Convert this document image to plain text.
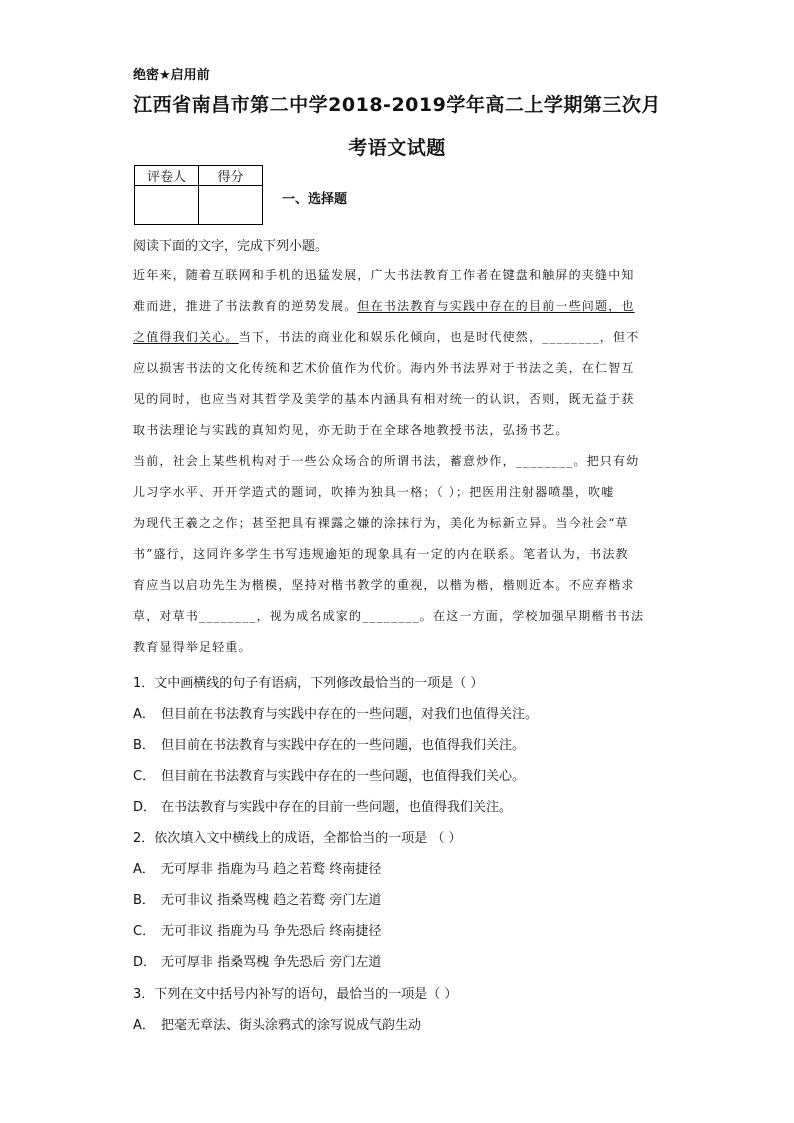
绝密★启用前
江西省南昌市第二中学2018-2019学年高二上学期第三次月
考语文试题
评卷人	得分

一、选择题
阅读下面的文字，完成下列小题。
近年来，随着互联网和手机的迅猛发展，广大书法教育工作者在键盘和触屏的夹缝中知
难而进，推进了书法教育的逆势发展。但在书法教育与实践中存在的目前一些问题，也
之值得我们关心。当下，书法的商业化和娱乐化倾向，也是时代使然，________，但不
应以损害书法的文化传统和艺术价值作为代价。海内外书法界对于书法之美，在仁智互
见的同时，也应当对其哲学及美学的基本内涵具有相对统一的认识，否则，既无益于获
取书法理论与实践的真知灼见，亦无助于在全球各地教授书法，弘扬书艺。
当前，社会上某些机构对于一些公众场合的所谓书法，蓄意炒作，________。把只有幼
儿习字水平、开开学造式的题词，吹捧为独具一格；（ ）；把医用注射器喷墨，吹嘘
为现代王羲之之作；甚至把具有裸露之嫌的涂抹行为，美化为标新立异。当今社会“草
书”盛行，这同许多学生书写违规逾矩的现象具有一定的内在联系。笔者认为，书法教
育应当以启功先生为楷模，坚持对楷书教学的重视，以楷为楷，楷则近本。不应弃楷求
草，对草书________，视为成名成家的________。在这一方面，学校加强早期楷书书法
教育显得举足轻重。
1．文中画横线的句子有语病，下列修改最恰当的一项是（ ）
A． 但目前在书法教育与实践中存在的一些问题，对我们也值得关注。
B． 但目前在书法教育与实践中存在的一些问题，也值得我们关注。
C． 但目前在书法教育与实践中存在的一些问题，也值得我们关心。
D． 在书法教育与实践中存在的目前一些问题，也值得我们关注。
2．依次填入文中横线上的成语，全都恰当的一项是 （ ）
A． 无可厚非 指鹿为马 趋之若鹜 终南捷径
B． 无可非议 指桑骂槐 趋之若鹜 旁门左道
C． 无可非议 指鹿为马 争先恐后 终南捷径
D． 无可厚非 指桑骂槐 争先恐后 旁门左道
3．下列在文中括号内补写的语句，最恰当的一项是（ ）
A． 把毫无章法、街头涂鸦式的涂写说成气韵生动
